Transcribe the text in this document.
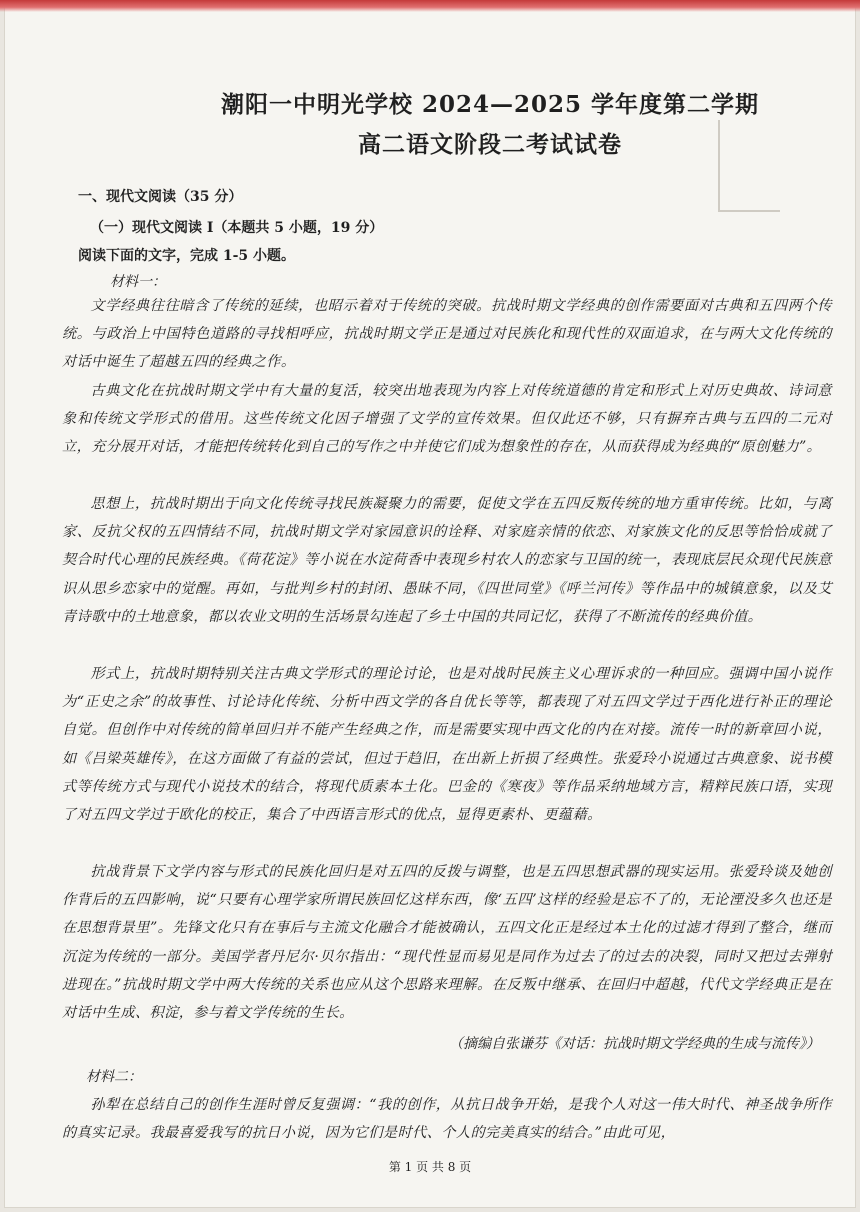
潮阳一中明光学校 2024—2025 学年度第二学期
高二语文阶段二考试试卷
一、现代文阅读（35 分）
（一）现代文阅读 I（本题共 5 小题，19 分）
阅读下面的文字，完成 1-5 小题。
材料一：
文学经典往往暗含了传统的延续，也昭示着对于传统的突破。抗战时期文学经典的创作需要面对古典和五四两个传统。与政治上中国特色道路的寻找相呼应，抗战时期文学正是通过对民族化和现代性的双面追求，在与两大文化传统的对话中诞生了超越五四的经典之作。
古典文化在抗战时期文学中有大量的复活，较突出地表现为内容上对传统道德的肯定和形式上对历史典故、诗词意象和传统文学形式的借用。这些传统文化因子增强了文学的宣传效果。但仅此还不够，只有摒弃古典与五四的二元对立，充分展开对话，才能把传统转化到自己的写作之中并使它们成为想象性的存在，从而获得成为经典的“原创魅力”。
思想上，抗战时期出于向文化传统寻找民族凝聚力的需要，促使文学在五四反叛传统的地方重审传统。比如，与离家、反抗父权的五四情结不同，抗战时期文学对家园意识的诠释、对家庭亲情的依恋、对家族文化的反思等恰恰成就了契合时代心理的民族经典。《荷花淀》等小说在水淀荷香中表现乡村农人的恋家与卫国的统一，表现底层民众现代民族意识从思乡恋家中的觉醒。再如，与批判乡村的封闭、愚昧不同，《四世同堂》《呼兰河传》等作品中的城镇意象，以及艾青诗歌中的土地意象，都以农业文明的生活场景勾连起了乡土中国的共同记忆，获得了不断流传的经典价值。
形式上，抗战时期特别关注古典文学形式的理论讨论，也是对战时民族主义心理诉求的一种回应。强调中国小说作为“正史之余”的故事性、讨论诗化传统、分析中西文学的各自优长等等，都表现了对五四文学过于西化进行补正的理论自觉。但创作中对传统的简单回归并不能产生经典之作，而是需要实现中西文化的内在对接。流传一时的新章回小说，如《吕梁英雄传》，在这方面做了有益的尝试，但过于趋旧，在出新上折损了经典性。张爱玲小说通过古典意象、说书模式等传统方式与现代小说技术的结合，将现代质素本土化。巴金的《寒夜》等作品采纳地域方言，精粹民族口语，实现了对五四文学过于欧化的校正，集合了中西语言形式的优点，显得更素朴、更蕴藉。
抗战背景下文学内容与形式的民族化回归是对五四的反拨与调整，也是五四思想武器的现实运用。张爱玲谈及她创作背后的五四影响，说“只要有心理学家所谓民族回忆这样东西，像‘五四’这样的经验是忘不了的，无论湮没多久也还是在思想背景里”。先锋文化只有在事后与主流文化融合才能被确认，五四文化正是经过本土化的过滤才得到了整合，继而沉淀为传统的一部分。美国学者丹尼尔·贝尔指出：“现代性显而易见是同作为过去了的过去的决裂，同时又把过去弹射进现在。”抗战时期文学中两大传统的关系也应从这个思路来理解。在反叛中继承、在回归中超越，代代文学经典正是在对话中生成、积淀，参与着文学传统的生长。
（摘编自张谦芬《对话：抗战时期文学经典的生成与流传》）
材料二：
孙犁在总结自己的创作生涯时曾反复强调：“我的创作，从抗日战争开始，是我个人对这一伟大时代、神圣战争所作的真实记录。我最喜爱我写的抗日小说，因为它们是时代、个人的完美真实的结合。”由此可见，
第 1 页 共 8 页
